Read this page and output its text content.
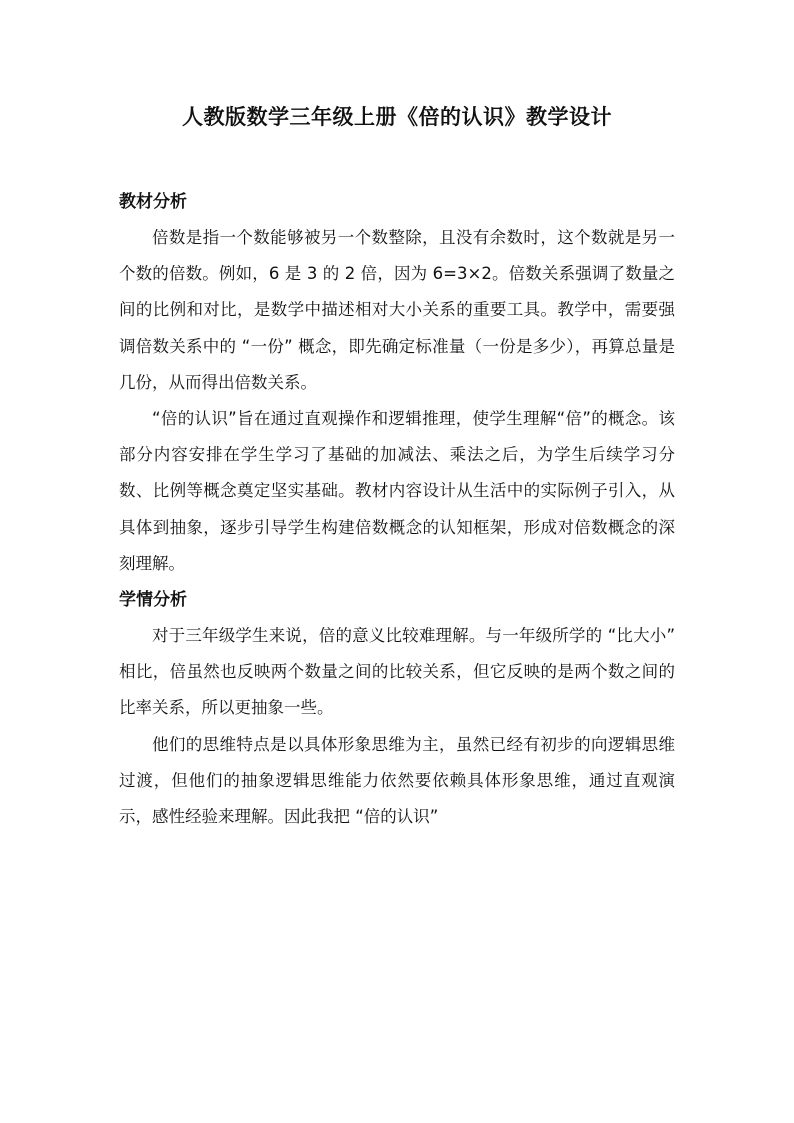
人教版数学三年级上册《倍的认识》教学设计

教材分析

倍数是指一个数能够被另一个数整除，且没有余数时，这个数就是另一个数的倍数。例如，6 是 3 的 2 倍，因为 6=3×2。倍数关系强调了数量之间的比例和对比，是数学中描述相对大小关系的重要工具。教学中，需要强调倍数关系中的 “一份” 概念，即先确定标准量（一份是多少），再算总量是几份，从而得出倍数关系。

“倍的认识”旨在通过直观操作和逻辑推理，使学生理解“倍”的概念。该部分内容安排在学生学习了基础的加减法、乘法之后，为学生后续学习分数、比例等概念奠定坚实基础。教材内容设计从生活中的实际例子引入，从具体到抽象，逐步引导学生构建倍数概念的认知框架，形成对倍数概念的深刻理解。

学情分析

对于三年级学生来说，倍的意义比较难理解。与一年级所学的 “比大小” 相比，倍虽然也反映两个数量之间的比较关系，但它反映的是两个数之间的比率关系，所以更抽象一些。

他们的思维特点是以具体形象思维为主，虽然已经有初步的向逻辑思维过渡，但他们的抽象逻辑思维能力依然要依赖具体形象思维，通过直观演示，感性经验来理解。因此我把 “倍的认识”
